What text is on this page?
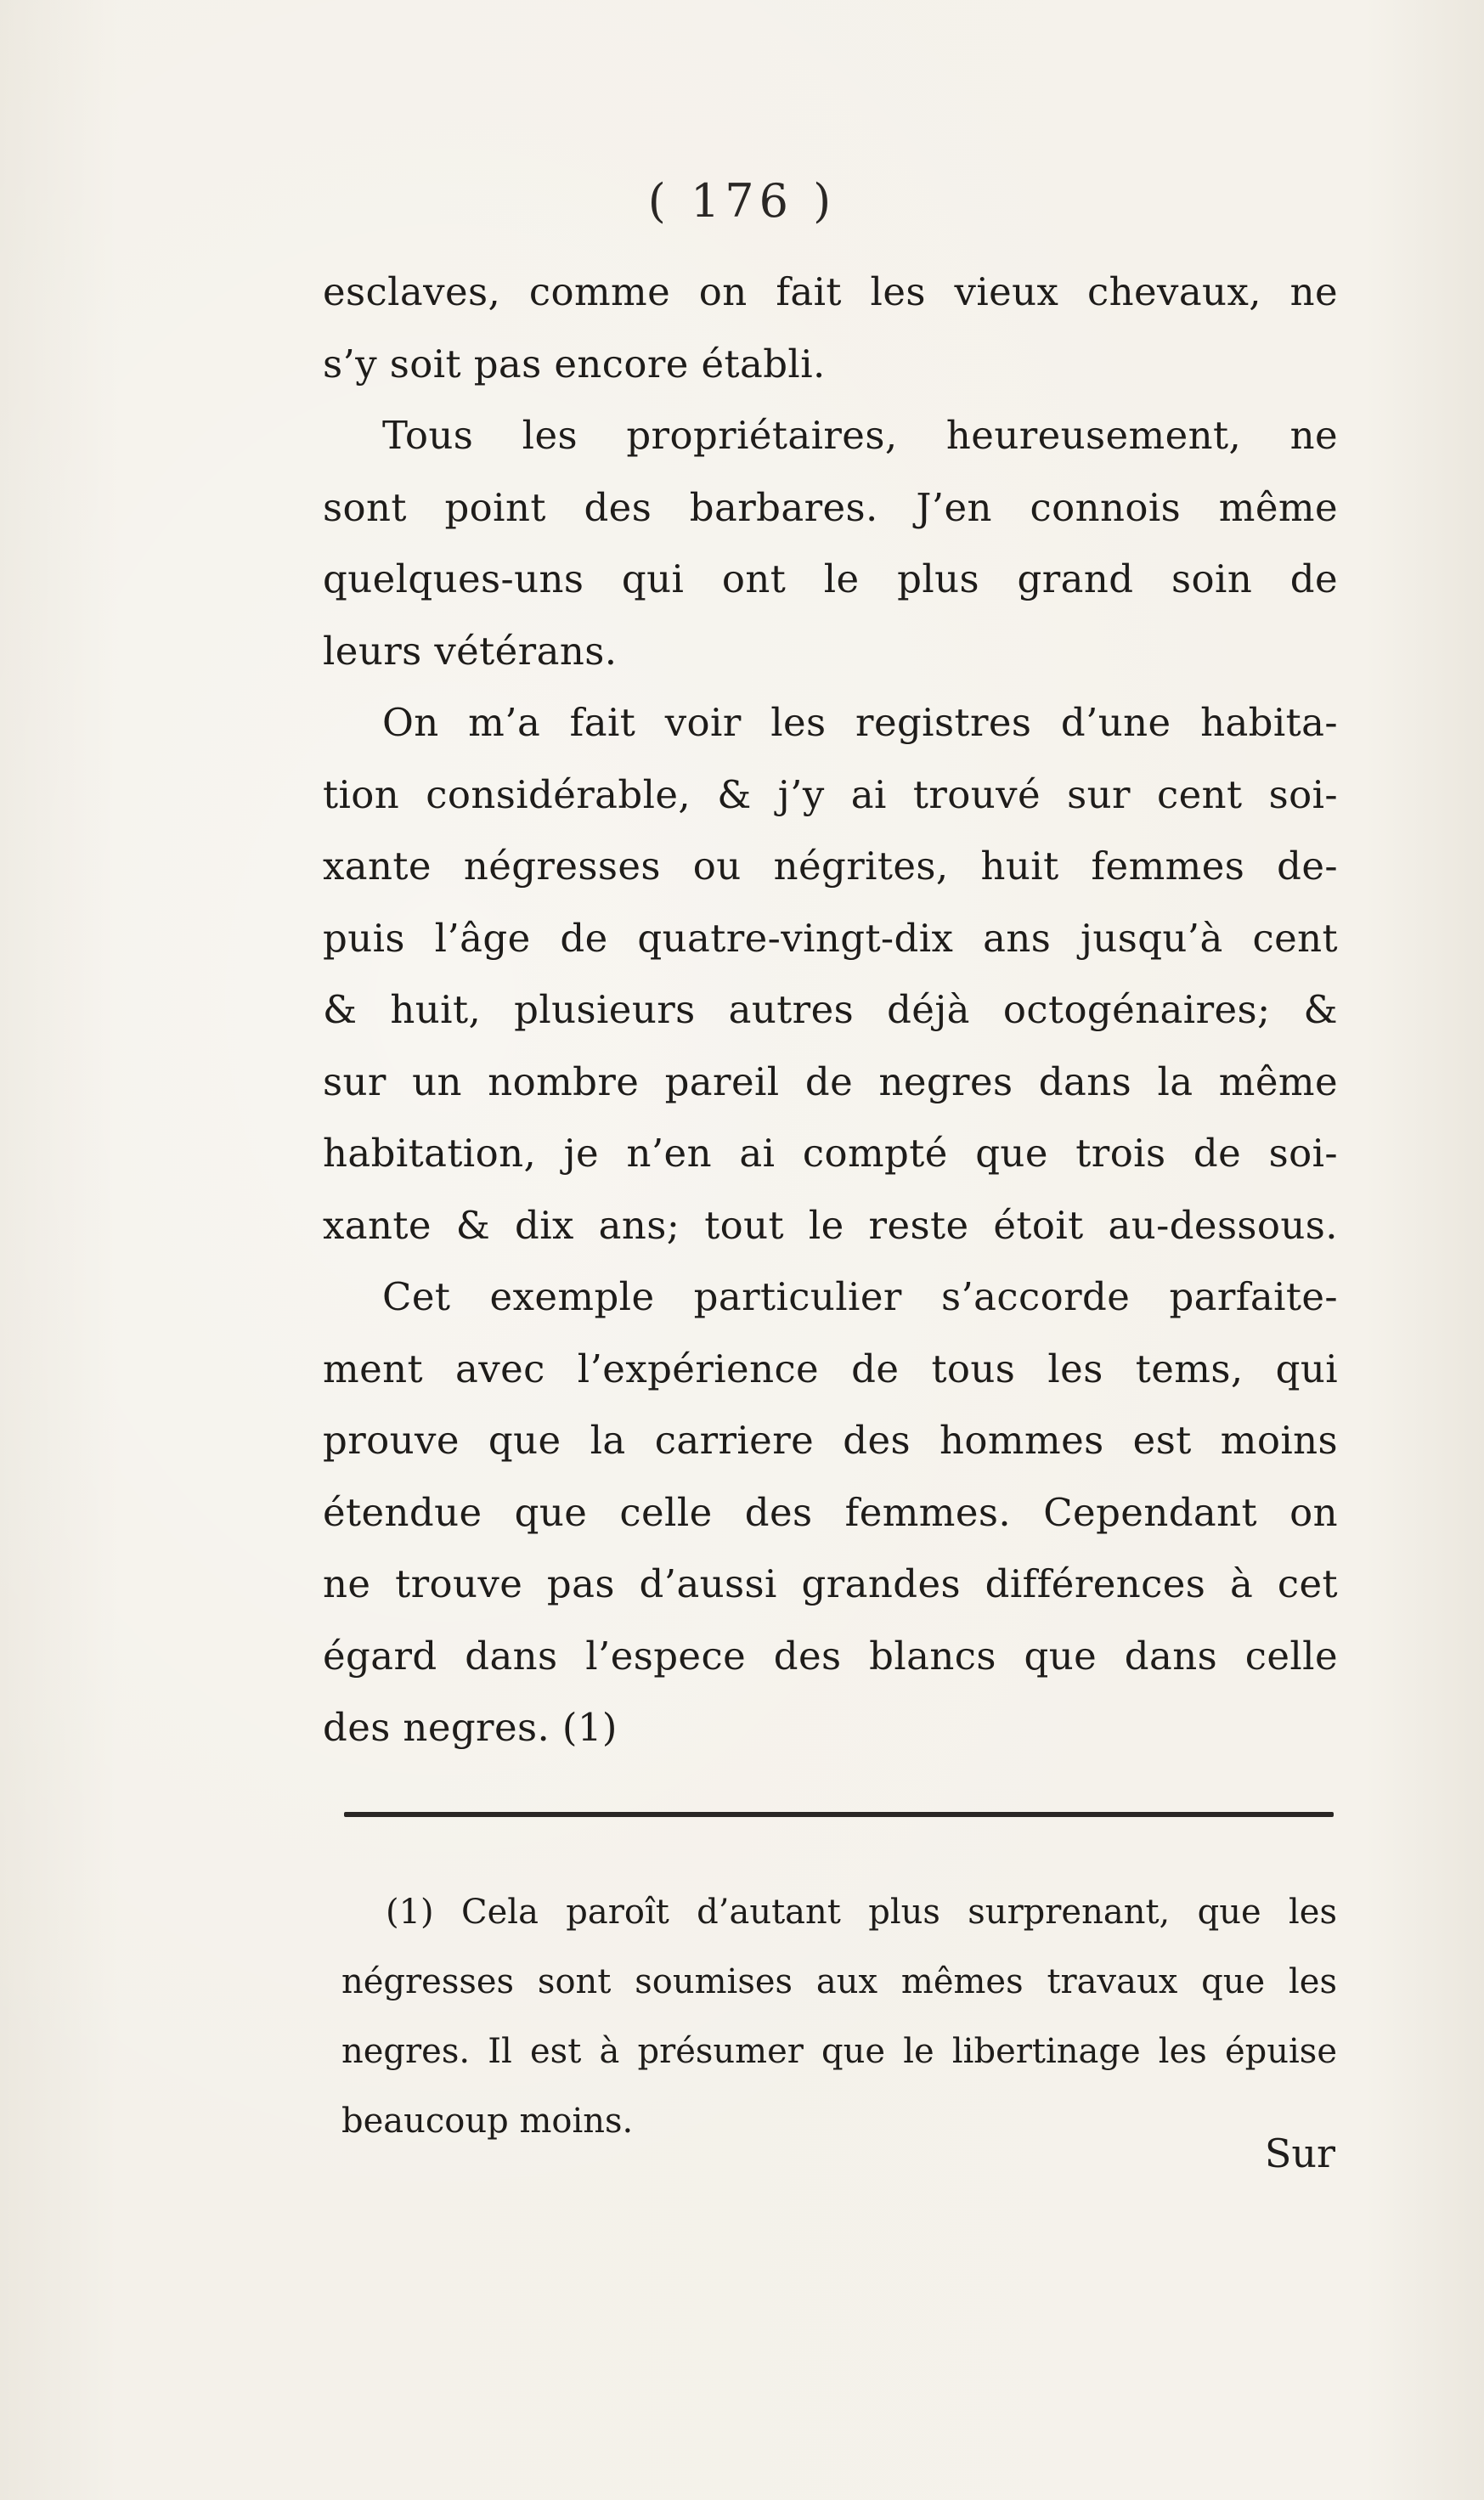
( 176 )
esclaves, comme on fait les vieux chevaux, ne
s’y soit pas encore établi.
Tous les propriétaires, heureusement, ne
sont point des barbares. J’en connois même
quelques-uns qui ont le plus grand soin de
leurs vétérans.
On m’a fait voir les registres d’une habita-
tion considérable, & j’y ai trouvé sur cent soi-
xante négresses ou négrites, huit femmes de-
puis l’âge de quatre-vingt-dix ans jusqu’à cent
& huit, plusieurs autres déjà octogénaires; &
sur un nombre pareil de negres dans la même
habitation, je n’en ai compté que trois de soi-
xante & dix ans; tout le reste étoit au-dessous.
Cet exemple particulier s’accorde parfaite-
ment avec l’expérience de tous les tems, qui
prouve que la carriere des hommes est moins
étendue que celle des femmes. Cependant on
ne trouve pas d’aussi grandes différences à cet
égard dans l’espece des blancs que dans celle
des negres. (1)
(1) Cela paroît d’autant plus surprenant, que les
négresses sont soumises aux mêmes travaux que les
negres. Il est à présumer que le libertinage les épuise
beaucoup moins.
Sur
